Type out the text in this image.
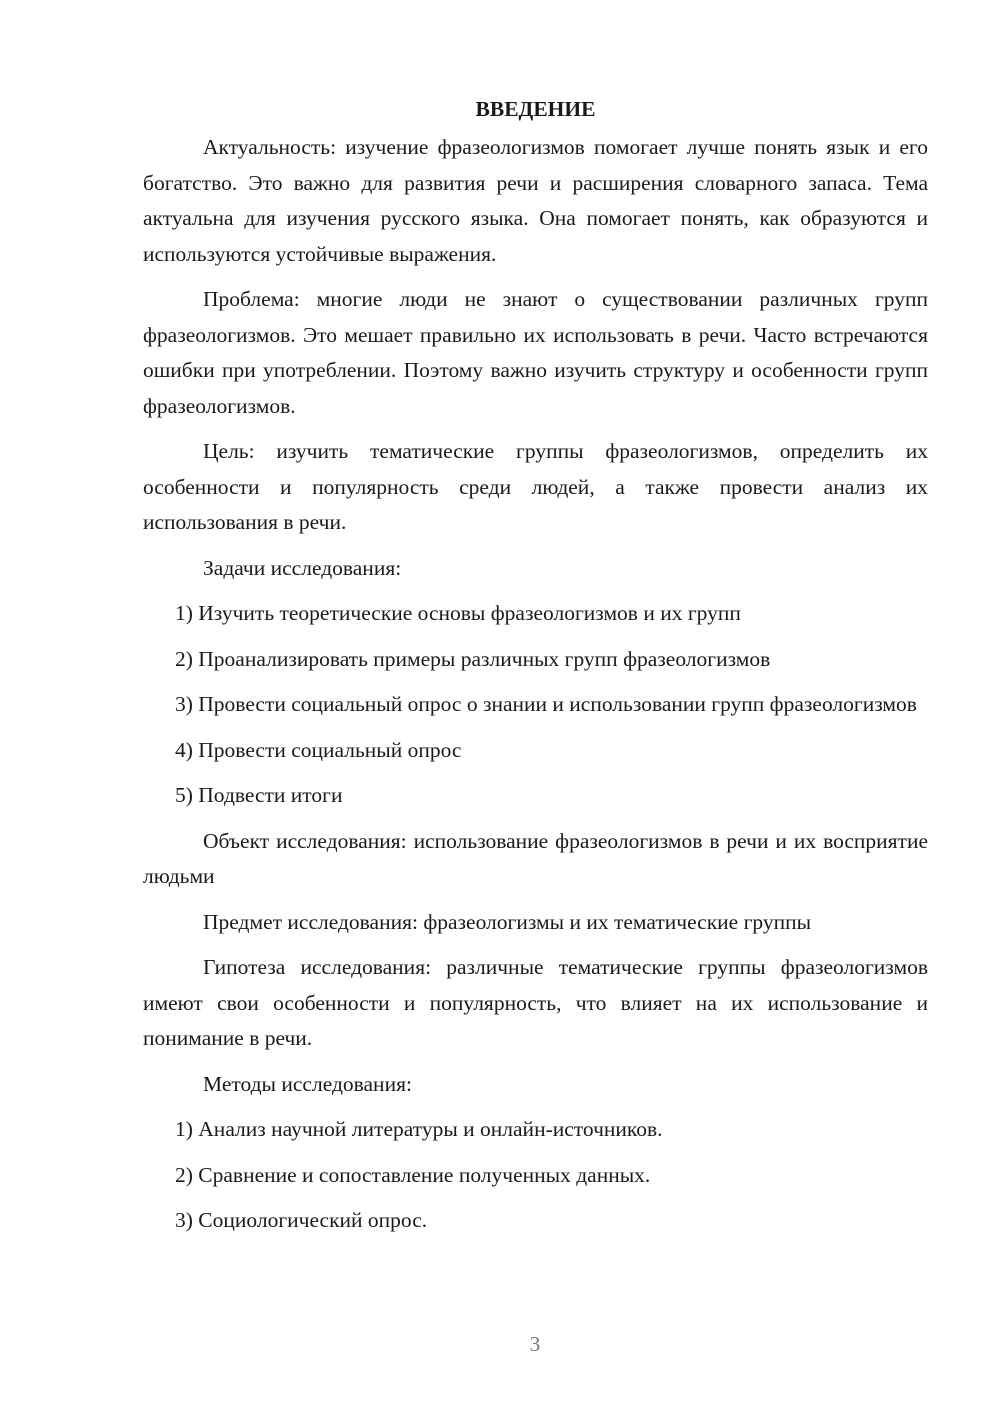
ВВЕДЕНИЕ

Актуальность: изучение фразеологизмов помогает лучше понять язык и его богатство. Это важно для развития речи и расширения словарного запаса. Тема актуальна для изучения русского языка. Она помогает понять, как образуются и используются устойчивые выражения.

Проблема: многие люди не знают о существовании различных групп фразеологизмов. Это мешает правильно их использовать в речи. Часто встречаются ошибки при употреблении. Поэтому важно изучить структуру и особенности групп фразеологизмов.

Цель: изучить тематические группы фразеологизмов, определить их особенности и популярность среди людей, а также провести анализ их использования в речи.

Задачи исследования:

1) Изучить теоретические основы фразеологизмов и их групп

2) Проанализировать примеры различных групп фразеологизмов

3) Провести социальный опрос о знании и использовании групп фразеологизмов

4) Провести социальный опрос

5) Подвести итоги

Объект исследования: использование фразеологизмов в речи и их восприятие людьми

Предмет исследования: фразеологизмы и их тематические группы

Гипотеза исследования: различные тематические группы фразеологизмов имеют свои особенности и популярность, что влияет на их использование и понимание в речи.

Методы исследования:

1) Анализ научной литературы и онлайн-источников.

2) Сравнение и сопоставление полученных данных.

3) Социологический опрос.

3
